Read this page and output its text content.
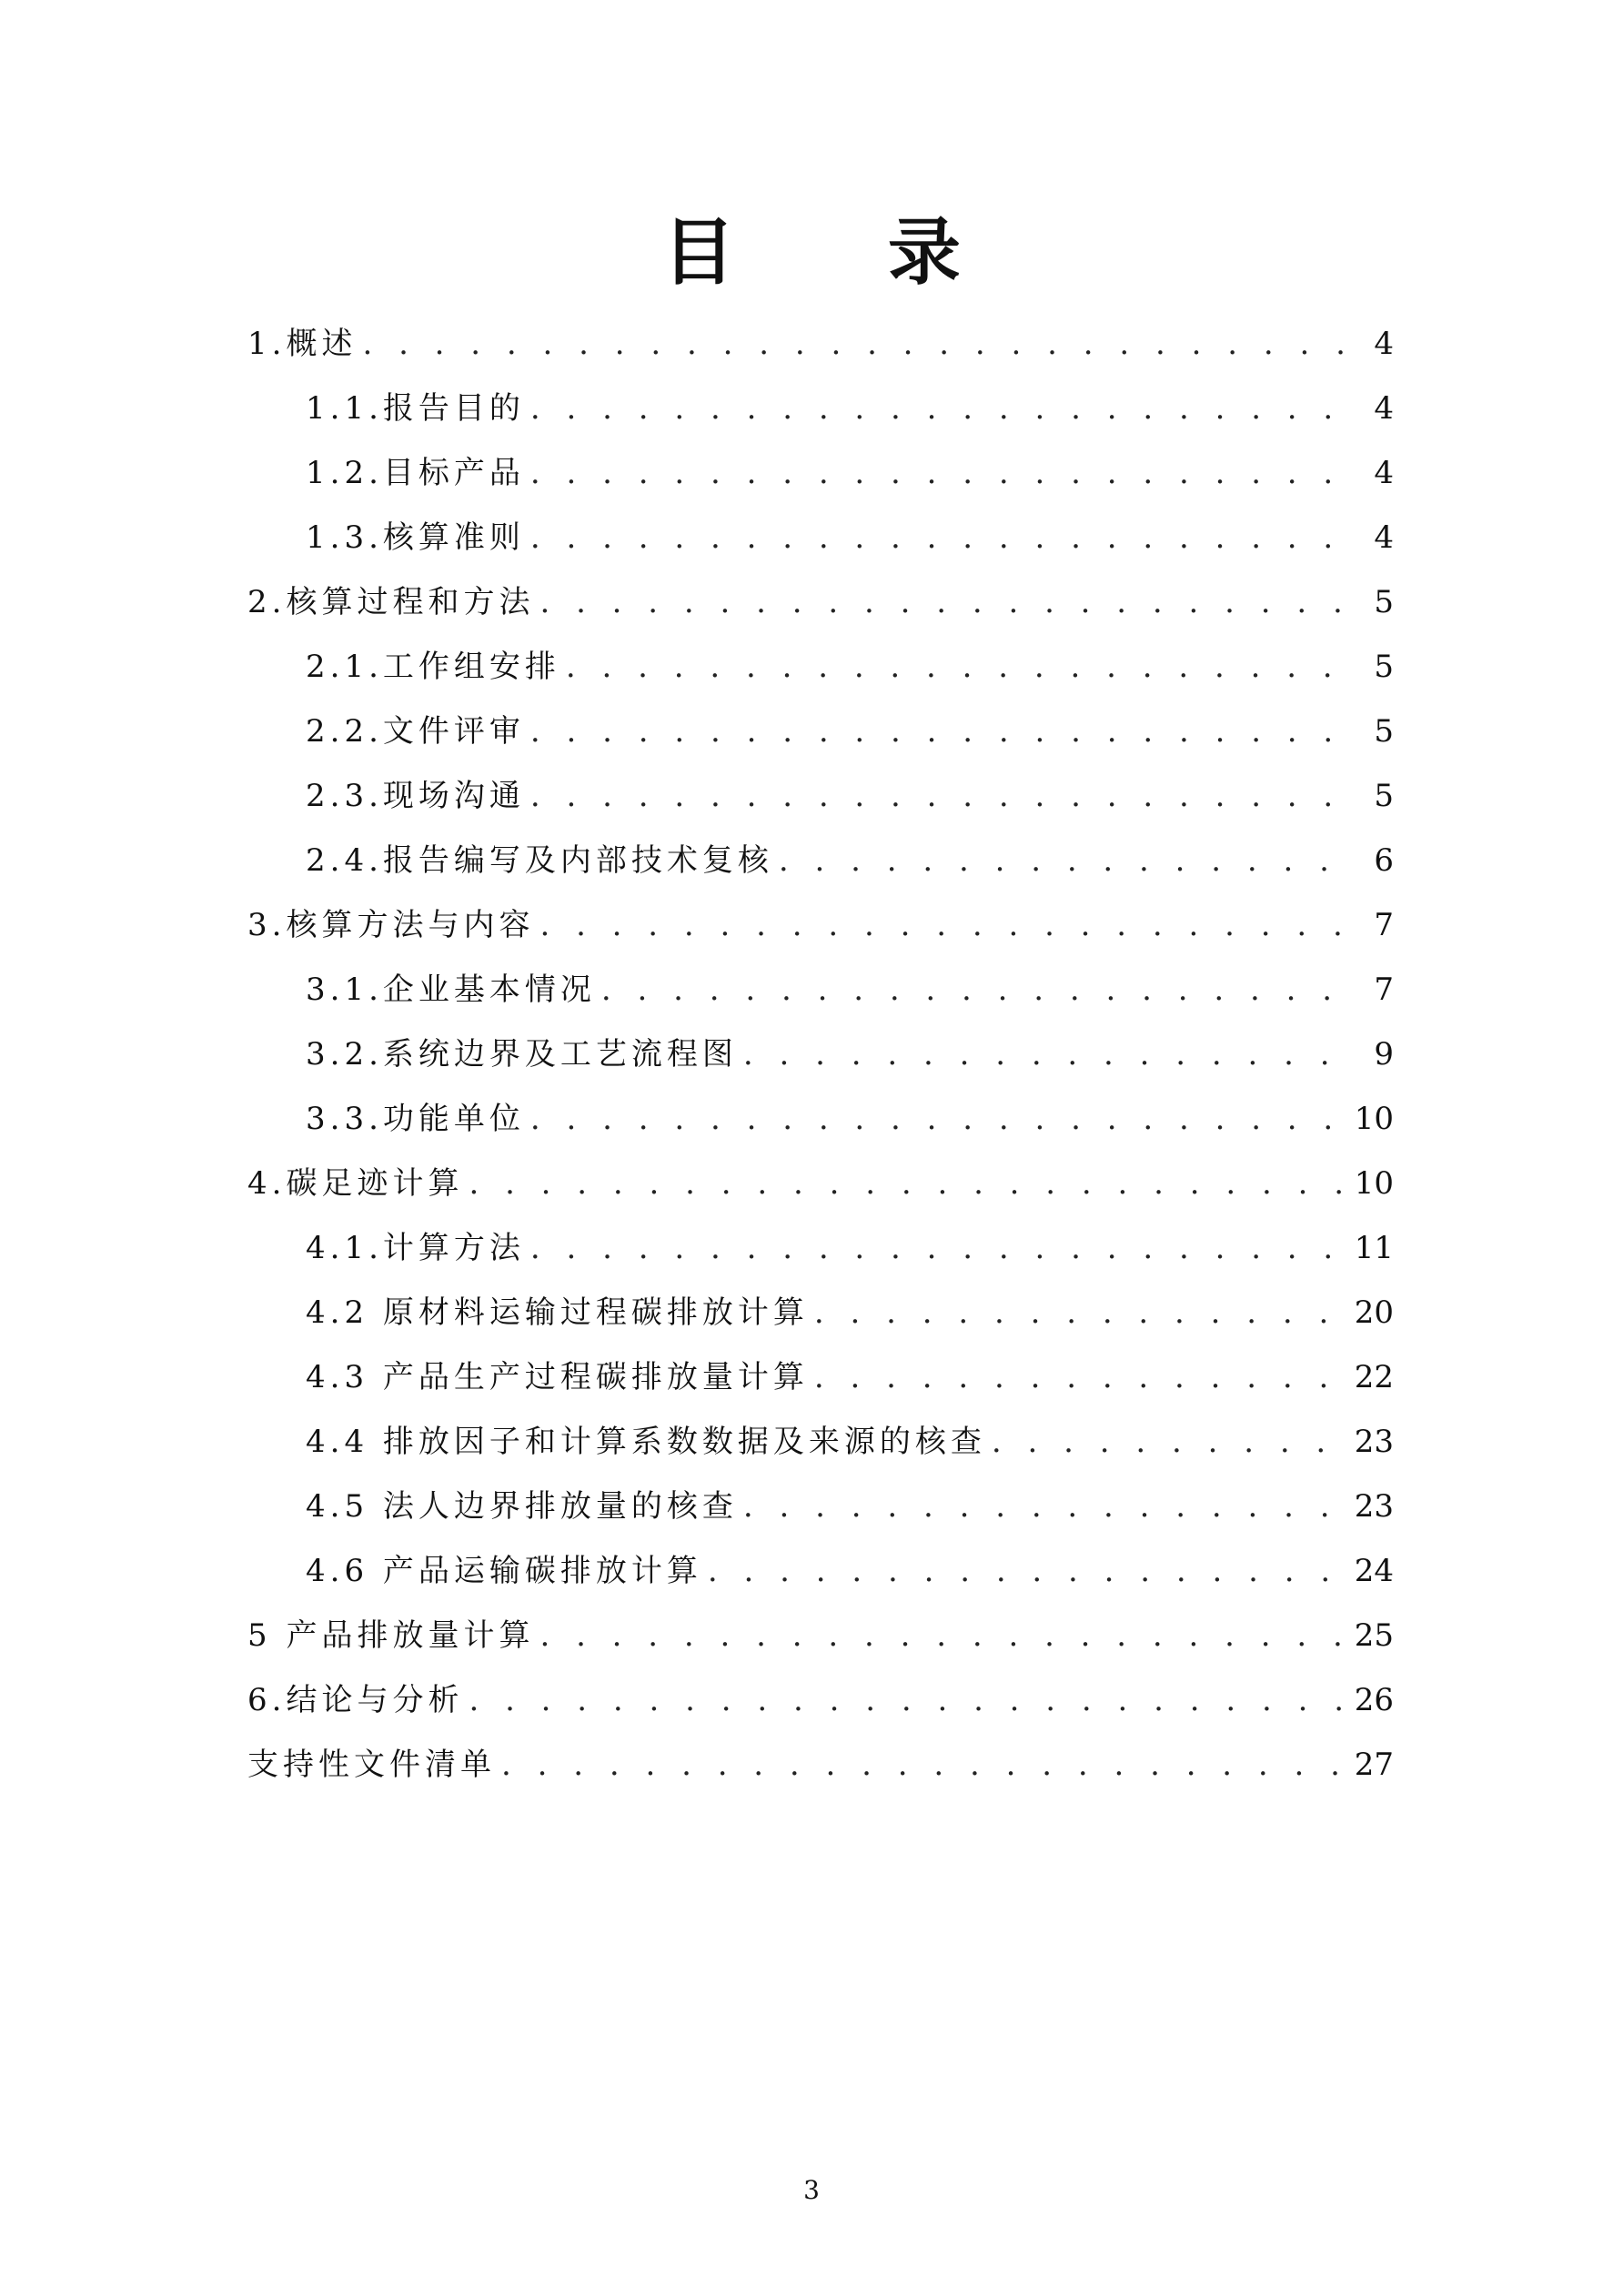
目 录
1.概述 . . .	4
1.1.报告目的 . . .	4
1.2.目标产品 . . .	4
1.3.核算准则 . . .	4
2.核算过程和方法 . . .	5
2.1.工作组安排 . . .	5
2.2.文件评审 . . .	5
2.3.现场沟通 . . .	5
2.4.报告编写及内部技术复核 . . .	6
3.核算方法与内容 . . .	7
3.1.企业基本情况 . . .	7
3.2.系统边界及工艺流程图 . . .	9
3.3.功能单位 . . .	10
4.碳足迹计算 . . .	10
4.1.计算方法 . . .	11
4.2 原材料运输过程碳排放计算 . . .	20
4.3 产品生产过程碳排放量计算 . . .	22
4.4 排放因子和计算系数数据及来源的核查 . . .	23
4.5 法人边界排放量的核查 . . .	23
4.6 产品运输碳排放计算 . . .	24
5 产品排放量计算 . . .	25
6.结论与分析 . . .	26
支持性文件清单 . . .	27
3
